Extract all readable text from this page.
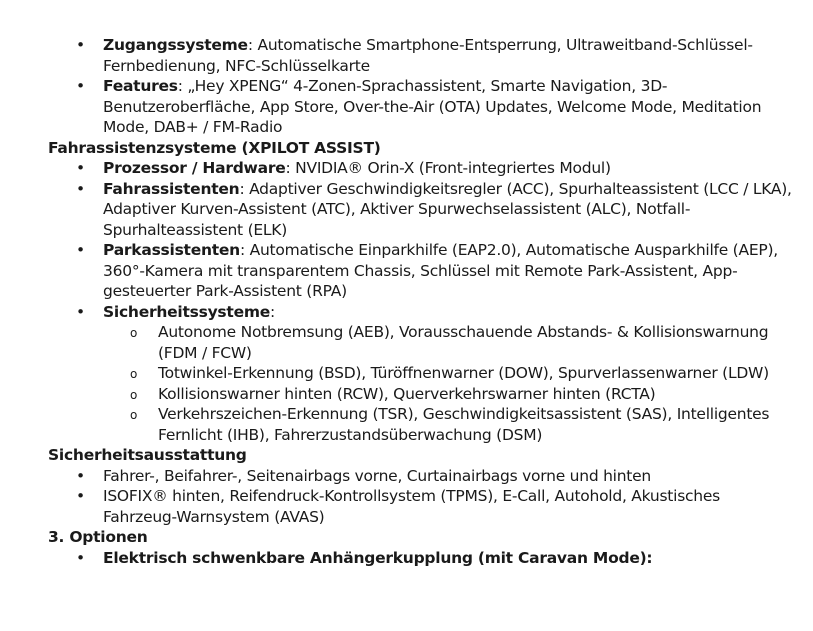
• Zugangssysteme: Automatische Smartphone-Entsperrung, Ultraweitband-Schlüssel-Fernbedienung, NFC-Schlüsselkarte
• Features: „Hey XPENG“ 4-Zonen-Sprachassistent, Smarte Navigation, 3D-Benutzeroberfläche, App Store, Over-the-Air (OTA) Updates, Welcome Mode, Meditation Mode, DAB+ / FM-Radio

Fahrassistenzsysteme (XPILOT ASSIST)

• Prozessor / Hardware: NVIDIA® Orin-X (Front-integriertes Modul)
• Fahrassistenten: Adaptiver Geschwindigkeitsregler (ACC), Spurhalteassistent (LCC / LKA), Adaptiver Kurven-Assistent (ATC), Aktiver Spurwechselassistent (ALC), Notfall-Spurhalteassistent (ELK)
• Parkassistenten: Automatische Einparkhilfe (EAP2.0), Automatische Ausparkhilfe (AEP), 360°-Kamera mit transparentem Chassis, Schlüssel mit Remote Park-Assistent, App-gesteuerter Park-Assistent (RPA)
• Sicherheitssysteme:
o Autonome Notbremsung (AEB), Vorausschauende Abstands- & Kollisionswarnung (FDM / FCW)
o Totwinkel-Erkennung (BSD), Türöffnenwarner (DOW), Spurverlassenwarner (LDW)
o Kollisionswarner hinten (RCW), Querverkehrswarner hinten (RCTA)
o Verkehrszeichen-Erkennung (TSR), Geschwindigkeitsassistent (SAS), Intelligentes Fernlicht (IHB), Fahrerzustandsüberwachung (DSM)

Sicherheitsausstattung

• Fahrer-, Beifahrer-, Seitenairbags vorne, Curtainairbags vorne und hinten
• ISOFIX® hinten, Reifendruck-Kontrollsystem (TPMS), E-Call, Autohold, Akustisches Fahrzeug-Warnsystem (AVAS)

3. Optionen

• Elektrisch schwenkbare Anhängerkupplung (mit Caravan Mode):
